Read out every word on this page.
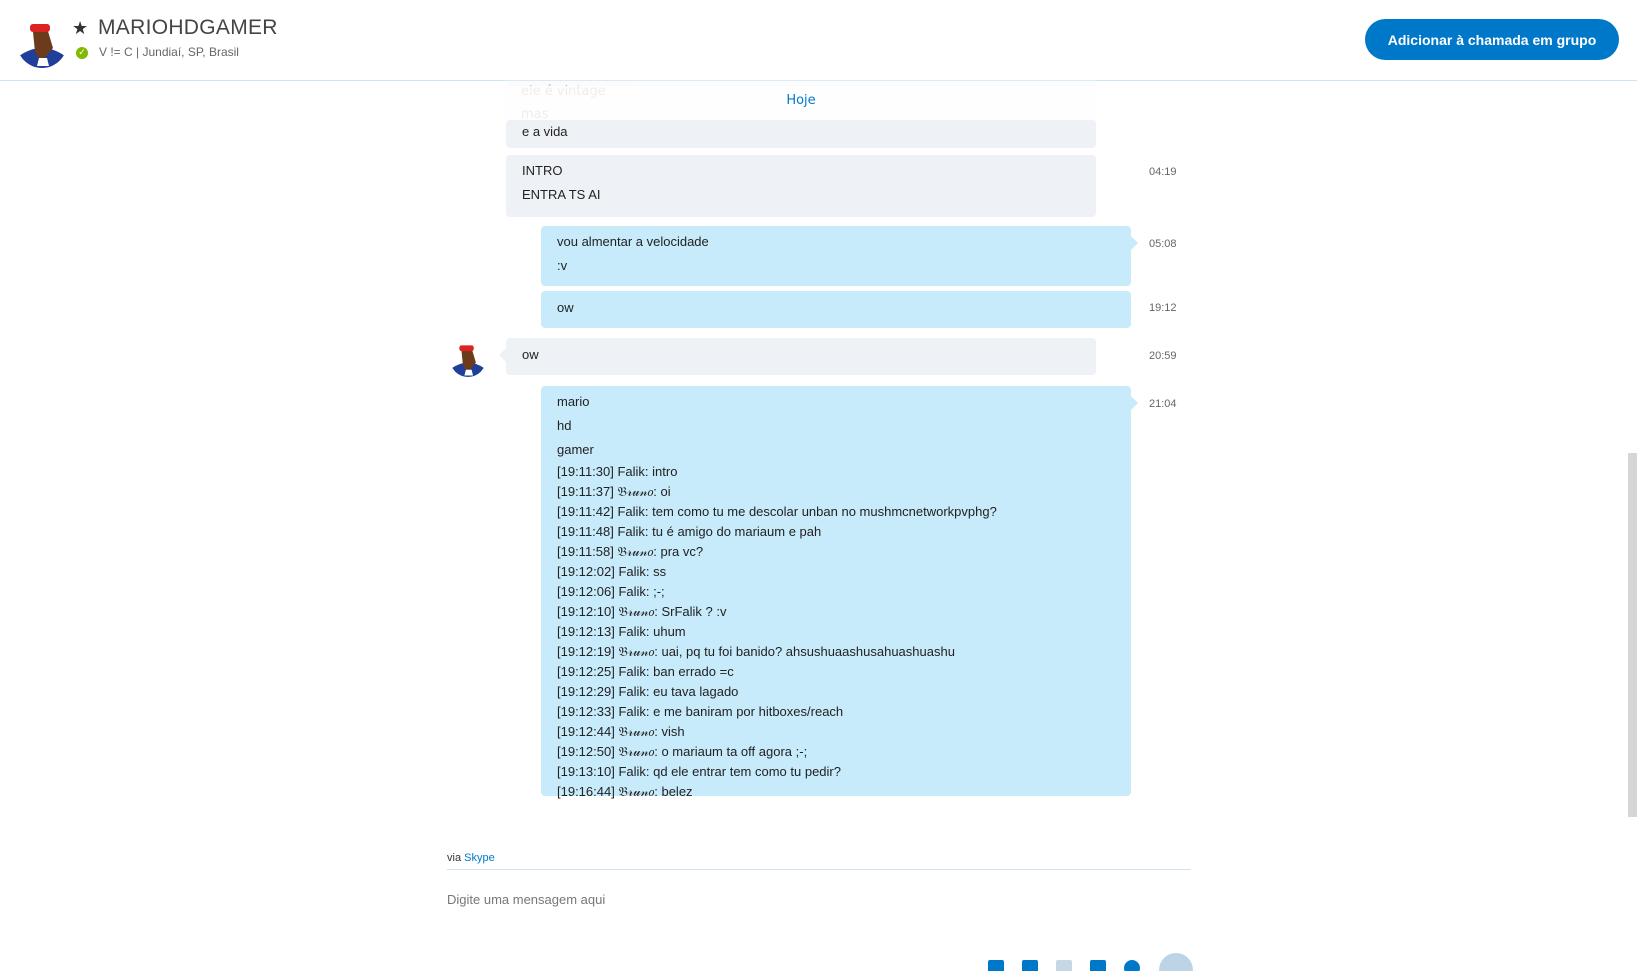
★ MARIOHDGAMER
✓ V != C | Jundiaí, SP, Brasil
Adicionar à chamada em grupo
Hoje
e a vida
INTRO
ENTRA TS AI
04:19
vou almentar a velocidade
:v
05:08
ow	19:12
ow	20:59
mario
hd
gamer
[19:11:30] Falik: intro
[19:11:37] 𝔅𝓇𝓊𝓃𝑜: oi
[19:11:42] Falik: tem como tu me descolar unban no mushmcnetworkpvphg?
[19:11:48] Falik: tu é amigo do mariaum e pah
[19:11:58] 𝔅𝓇𝓊𝓃𝑜: pra vc?
[19:12:02] Falik: ss
[19:12:06] Falik: ;-;
[19:12:10] 𝔅𝓇𝓊𝓃𝑜: SrFalik ? :v
[19:12:13] Falik: uhum
[19:12:19] 𝔅𝓇𝓊𝓃𝑜: uai, pq tu foi banido? ahsushuaashusahuashuashu
[19:12:25] Falik: ban errado =c
[19:12:29] Falik: eu tava lagado
[19:12:33] Falik: e me baniram por hitboxes/reach
[19:12:44] 𝔅𝓇𝓊𝓃𝑜: vish
[19:12:50] 𝔅𝓇𝓊𝓃𝑜: o mariaum ta off agora ;-;
[19:13:10] Falik: qd ele entrar tem como tu pedir?
[19:16:44] 𝔅𝓇𝓊𝓃𝑜: belez
21:04
via Skype
Digite uma mensagem aqui
